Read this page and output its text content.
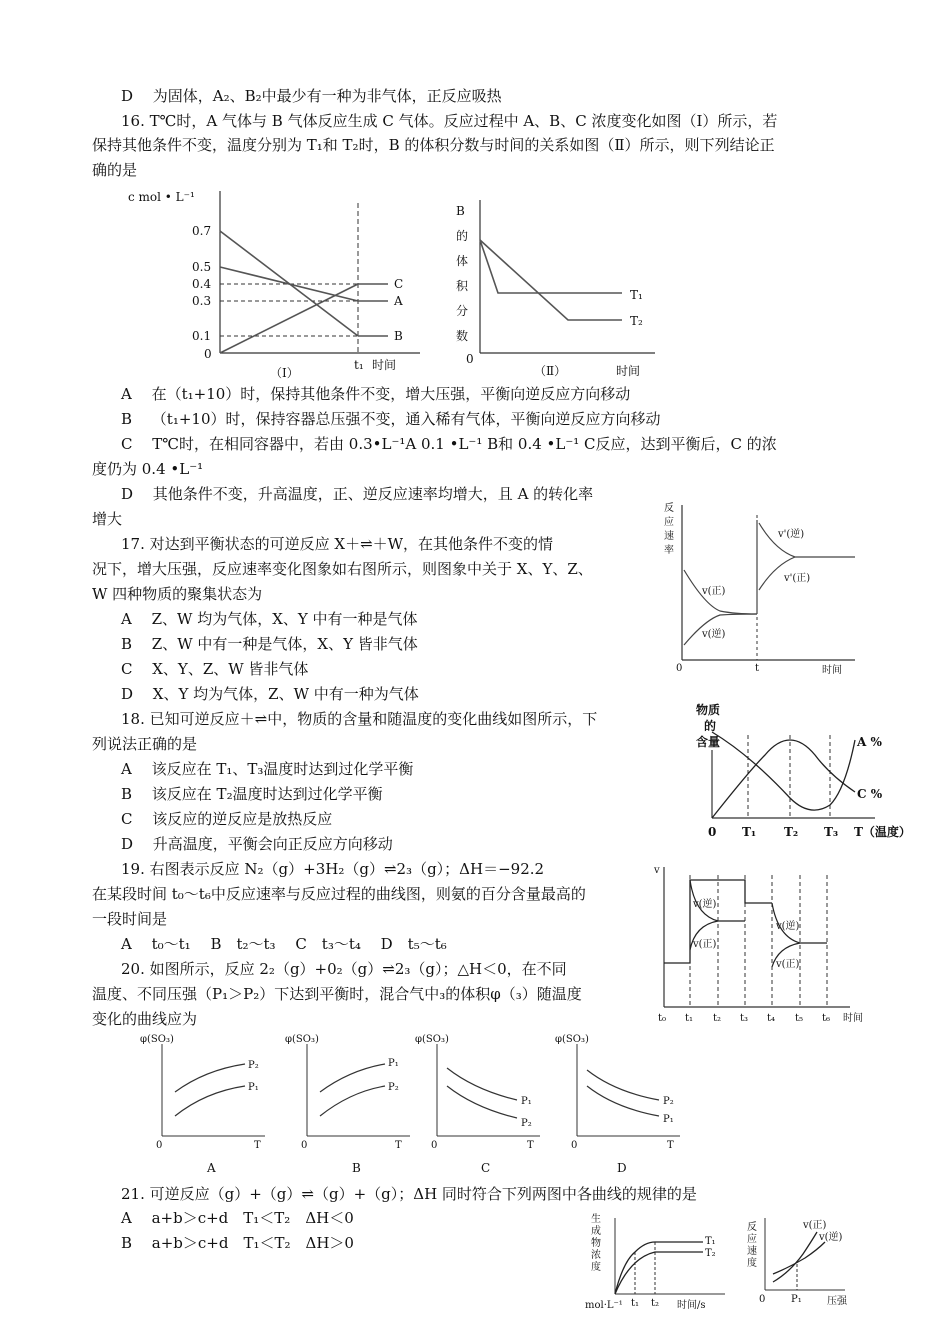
D　 为固体，A₂、B₂中最少有一种为非气体，正反应吸热
16. T℃时，A 气体与 B 气体反应生成 C 气体。反应过程中 A、B、C 浓度变化如图（Ⅰ）所示，若
保持其他条件不变，温度分别为 T₁和 T₂时，B 的体积分数与时间的关系如图（Ⅱ）所示，则下列结论正
确的是
c mol • L⁻¹
0.7
0.5
0.4
0.3
0.1
0
C
A
B
t₁ 时间
（Ⅰ）
B
的
体
积
分
数
T₁
T₂
0
（Ⅱ）	时间
A　 在（t₁+10）时，保持其他条件不变，增大压强，平衡向逆反应方向移动
B　 （t₁+10）时，保持容器总压强不变，通入稀有气体，平衡向逆反应方向移动
C　 T℃时，在相同容器中，若由 0.3•L⁻¹A 0.1 •L⁻¹ B和 0.4 •L⁻¹ C反应，达到平衡后，C 的浓
度仍为 0.4 •L⁻¹
D　 其他条件不变，升高温度，正、逆反应速率均增大，且 A 的转化率
增大
反
应
速
率
v'(逆)
v'(正)
v(正)
v(逆)
0	t	时间
17. 对达到平衡状态的可逆反应 X＋⇌＋W，在其他条件不变的情
况下，增大压强，反应速率变化图象如右图所示，则图象中关于 X、Y、Z、
W 四种物质的聚集状态为
A　 Z、W 均为气体，X、Y 中有一种是气体
B　 Z、W 中有一种是气体，X、Y 皆非气体
C　 X、Y、Z、W 皆非气体
D　 X、Y 均为气体，Z、W 中有一种为气体
物质
的
含量	A %
C %
0 T₁ T₂ T₃ T（温度）
18. 已知可逆反应＋⇌中，物质的含量和随温度的变化曲线如图所示，下
列说法正确的是
A　 该反应在 T₁、T₃温度时达到过化学平衡
B　 该反应在 T₂温度时达到过化学平衡
C　 该反应的逆反应是放热反应
D　 升高温度，平衡会向正反应方向移动
v
v(逆)
v(正)
v(逆)
v(正)
t₀ t₁ t₂ t₃ t₄ t₅ t₆ 时间
19. 右图表示反应 N₂（g）+3H₂（g）⇌2₃（g）；ΔH＝−92.2
在某段时间 t₀～t₆中反应速率与反应过程的曲线图，则氨的百分含量最高的
一段时间是
A　 t₀～t₁　 B　t₂～t₃　 C　t₃～t₄　 D　t₅～t₆
20. 如图所示，反应 2₂（g）+0₂（g）⇌2₃（g）；△H＜0，在不同
温度、不同压强（P₁＞P₂）下达到平衡时，混合气中₃的体积φ（₃）随温度
变化的曲线应为
φ(SO₃)
P₂
P₁
0	T
A
φ(SO₃)
P₁
P₂
0	T
B
φ(SO₃)
P₁
P₂
0	T
C
φ(SO₃)
P₂
P₁
0	T
D
21. 可逆反应（g）+（g）⇌（g）+（g）；ΔH 同时符合下列两图中各曲线的规律的是
A　 a+b＞c+d　T₁＜T₂　ΔH＜0
B　 a+b＞c+d　T₁＜T₂　ΔH＞0
生
成
物
浓
度
mol·L⁻¹
T₁
T₂
t₁ t₂ 时间/s
反
应
速
度
v(正)
v(逆)
0	P₁	压强
